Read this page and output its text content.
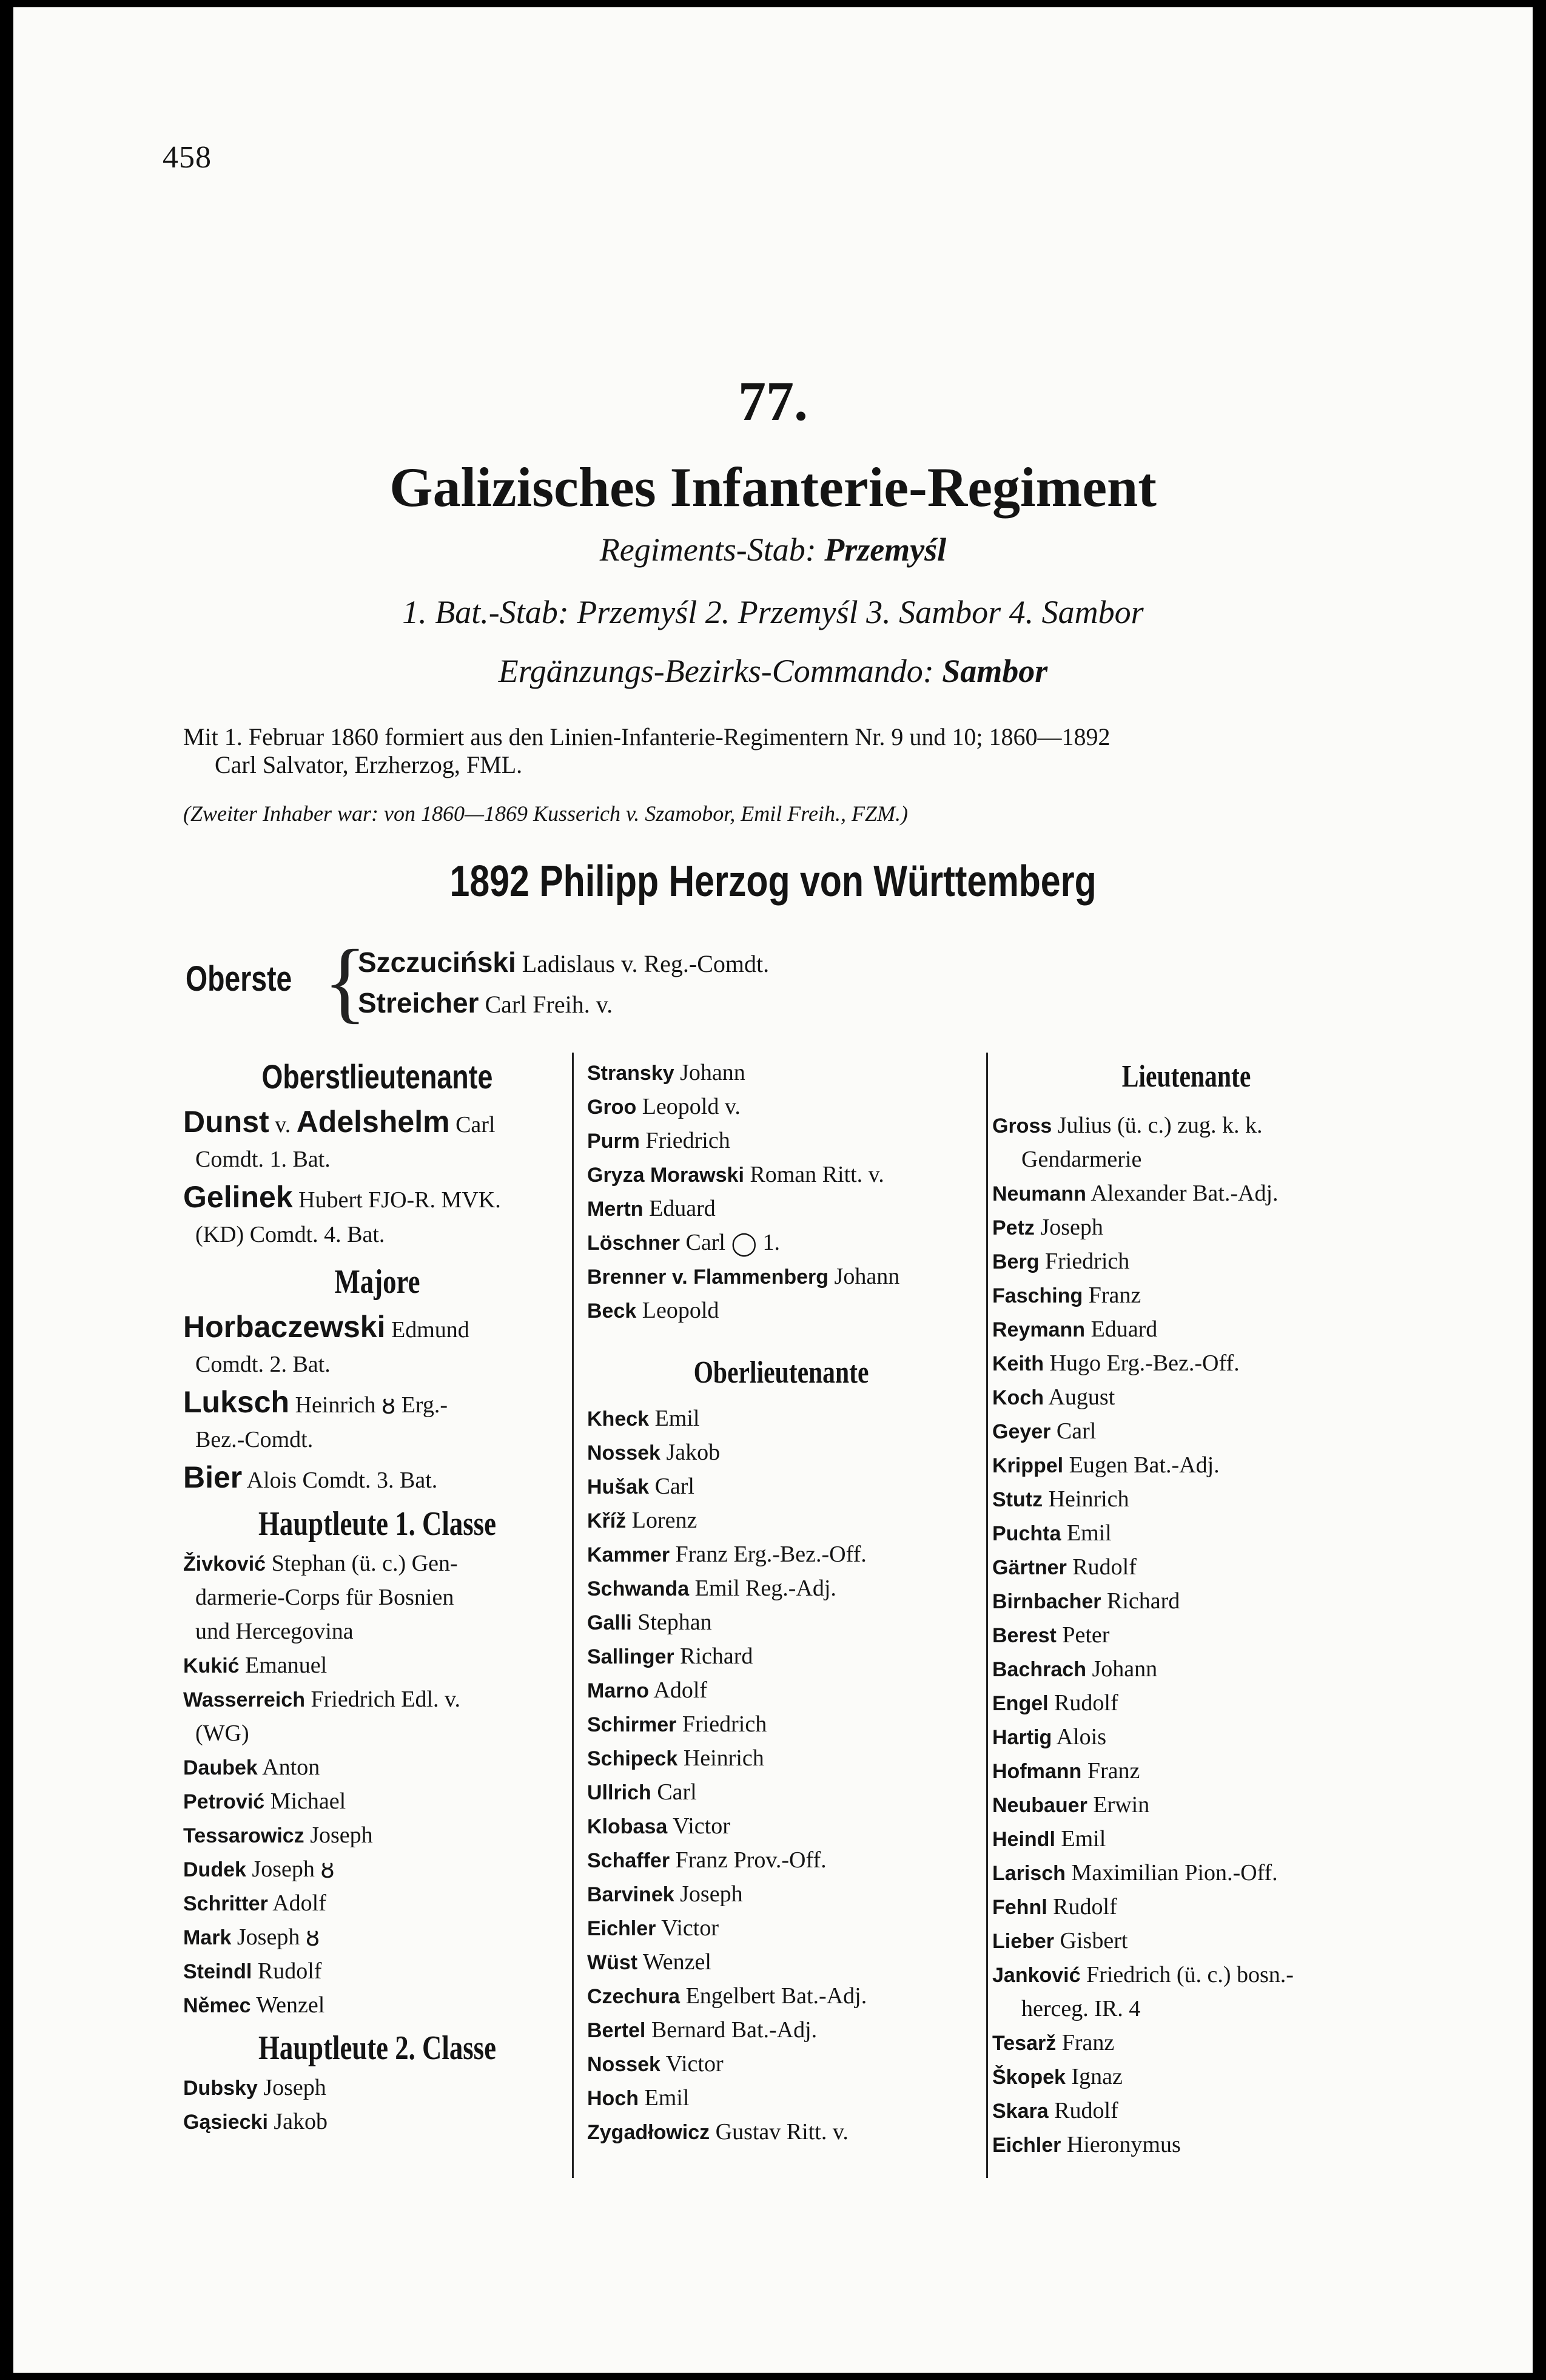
458
77.
Galizisches Infanterie-Regiment
Regiments-Stab: Przemyśl
1. Bat.-Stab: Przemyśl 2. Przemyśl 3. Sambor 4. Sambor
Ergänzungs-Bezirks-Commando: Sambor
Mit 1. Februar 1860 formiert aus den Linien-Infanterie-Regimentern Nr. 9 und 10; 1860—1892
Carl Salvator, Erzherzog, FML.
(Zweiter Inhaber war: von 1860—1869 Kusserich v. Szamobor, Emil Freih., FZM.)
1892 Philipp Herzog von Württemberg
Oberste {
Szczuciński Ladislaus v. Reg.-Comdt.
Streicher Carl Freih. v.
Oberstlieutenante
Dunst v. Adelshelm Carl
Comdt. 1. Bat.
Gelinek Hubert FJO-R. MVK.
(KD) Comdt. 4. Bat.
Majore
Horbaczewski Edmund
Comdt. 2. Bat.
Luksch Heinrich ȣ Erg.-
Bez.-Comdt.
Bier Alois Comdt. 3. Bat.
Hauptleute 1. Classe
Živković Stephan (ü. c.) Gen-
darmerie-Corps für Bosnien
und Hercegovina
Kukić Emanuel
Wasserreich Friedrich Edl. v.
(WG)
Daubek Anton
Petrović Michael
Tessarowicz Joseph
Dudek Joseph ȣ
Schritter Adolf
Mark Joseph ȣ
Steindl Rudolf
Němec Wenzel
Hauptleute 2. Classe
Dubsky Joseph
Gąsiecki Jakob
Stransky Johann
Groo Leopold v.
Purm Friedrich
Gryza Morawski Roman Ritt. v.
Mertn Eduard
Löschner Carl ◯ 1.
Brenner v. Flammenberg Johann
Beck Leopold
Oberlieutenante
Kheck Emil
Nossek Jakob
Hušak Carl
Kříž Lorenz
Kammer Franz Erg.-Bez.-Off.
Schwanda Emil Reg.-Adj.
Galli Stephan
Sallinger Richard
Marno Adolf
Schirmer Friedrich
Schipeck Heinrich
Ullrich Carl
Klobasa Victor
Schaffer Franz Prov.-Off.
Barvinek Joseph
Eichler Victor
Wüst Wenzel
Czechura Engelbert Bat.-Adj.
Bertel Bernard Bat.-Adj.
Nossek Victor
Hoch Emil
Zygadłowicz Gustav Ritt. v.
Lieutenante
Gross Julius (ü. c.) zug. k. k.
Gendarmerie
Neumann Alexander Bat.-Adj.
Petz Joseph
Berg Friedrich
Fasching Franz
Reymann Eduard
Keith Hugo Erg.-Bez.-Off.
Koch August
Geyer Carl
Krippel Eugen Bat.-Adj.
Stutz Heinrich
Puchta Emil
Gärtner Rudolf
Birnbacher Richard
Berest Peter
Bachrach Johann
Engel Rudolf
Hartig Alois
Hofmann Franz
Neubauer Erwin
Heindl Emil
Larisch Maximilian Pion.-Off.
Fehnl Rudolf
Lieber Gisbert
Janković Friedrich (ü. c.) bosn.-
herceg. IR. 4
Tesarž Franz
Škopek Ignaz
Skara Rudolf
Eichler Hieronymus
